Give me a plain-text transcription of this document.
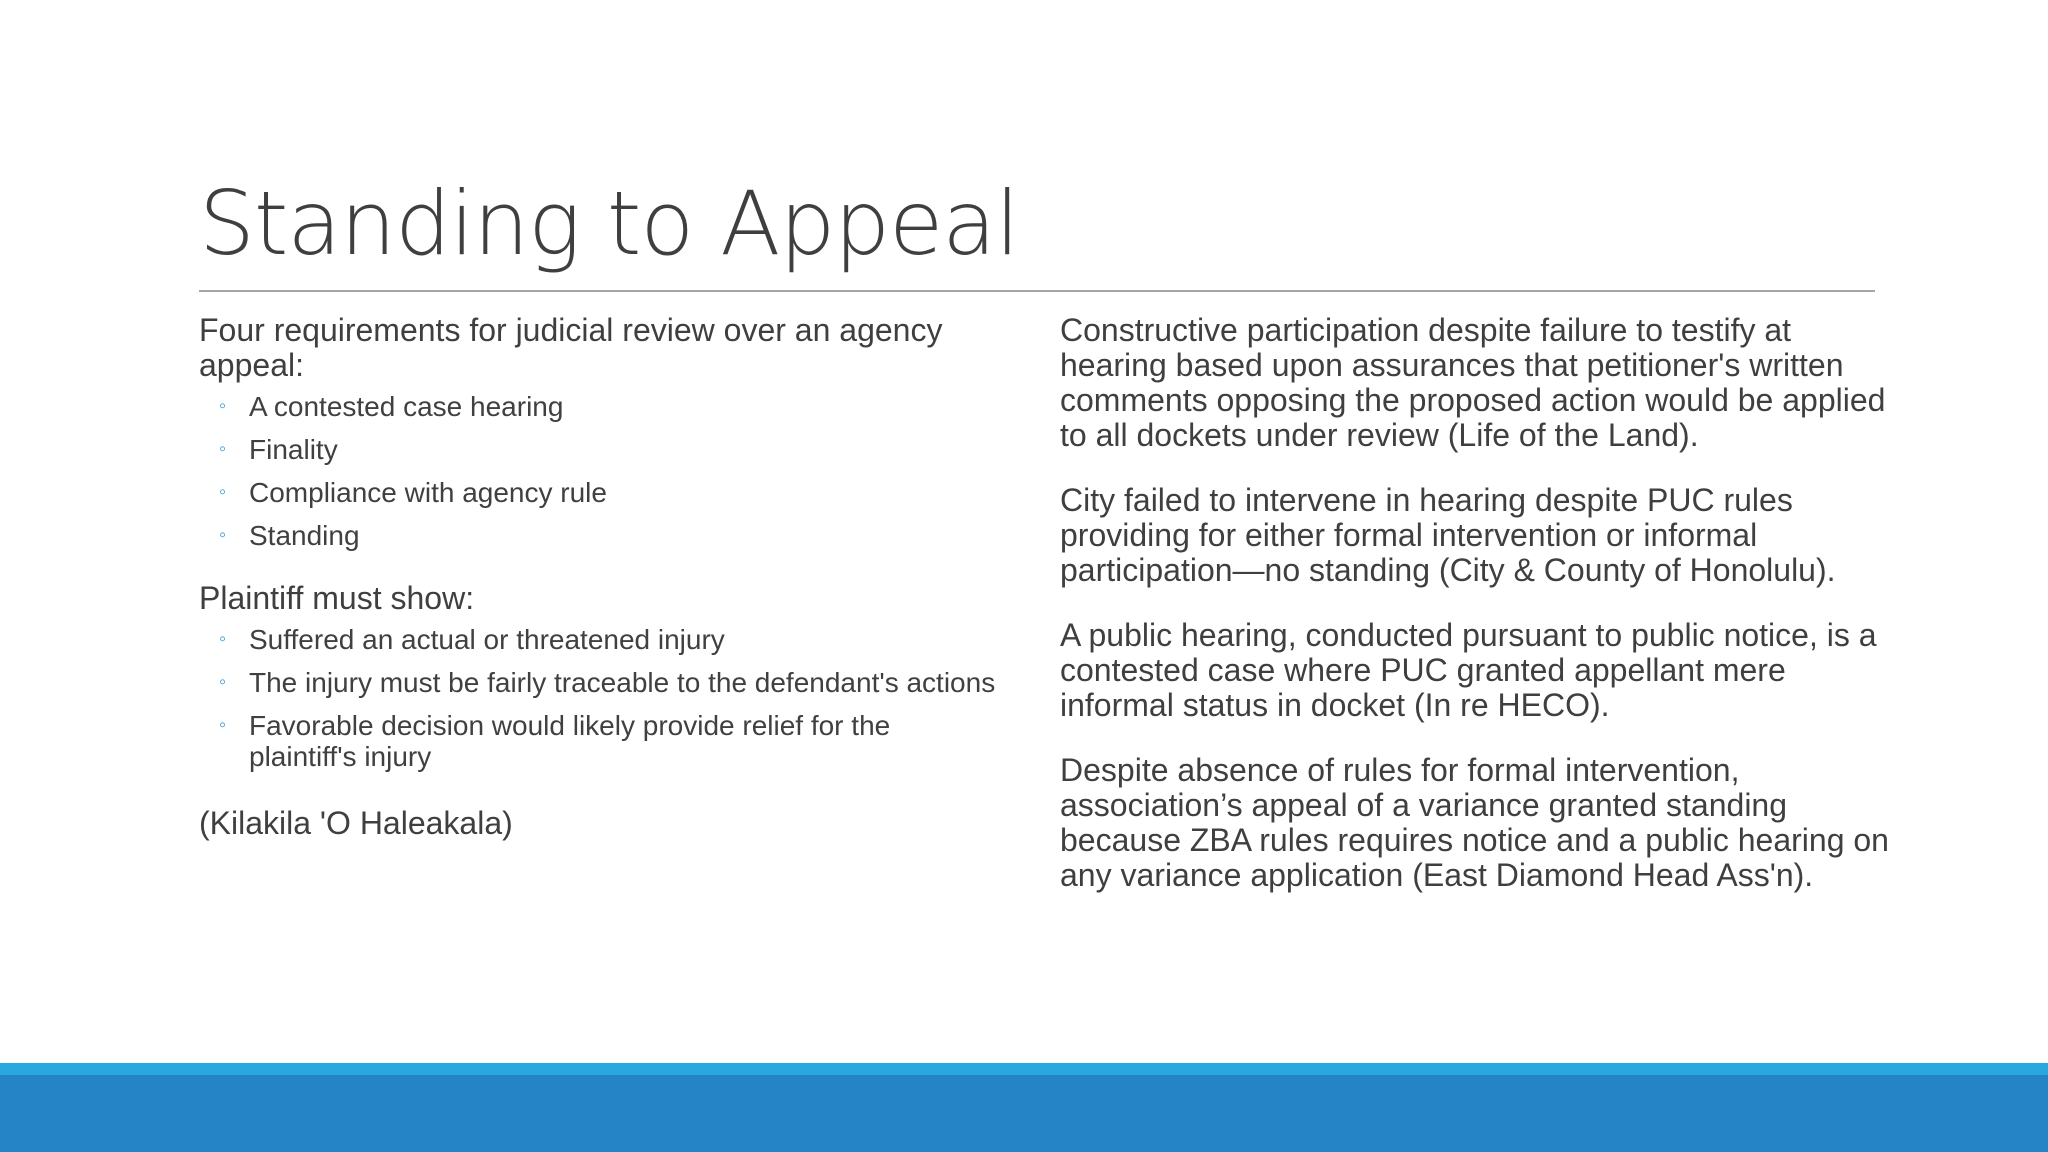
Standing to Appeal

Four requirements for judicial review over an agency appeal:

◦ A contested case hearing
◦ Finality
◦ Compliance with agency rule
◦ Standing

Plaintiff must show:

◦ Suffered an actual or threatened injury
◦ The injury must be fairly traceable to the defendant's actions
◦ Favorable decision would likely provide relief for the plaintiff's injury

(Kilakila 'O Haleakala)

Constructive participation despite failure to testify at hearing based upon assurances that petitioner's written comments opposing the proposed action would be applied to all dockets under review (Life of the Land).

City failed to intervene in hearing despite PUC rules providing for either formal intervention or informal participation—no standing (City & County of Honolulu).

A public hearing, conducted pursuant to public notice, is a contested case where PUC granted appellant mere informal status in docket (In re HECO).

Despite absence of rules for formal intervention, association’s appeal of a variance granted standing because ZBA rules requires notice and a public hearing on any variance application (East Diamond Head Ass'n).
